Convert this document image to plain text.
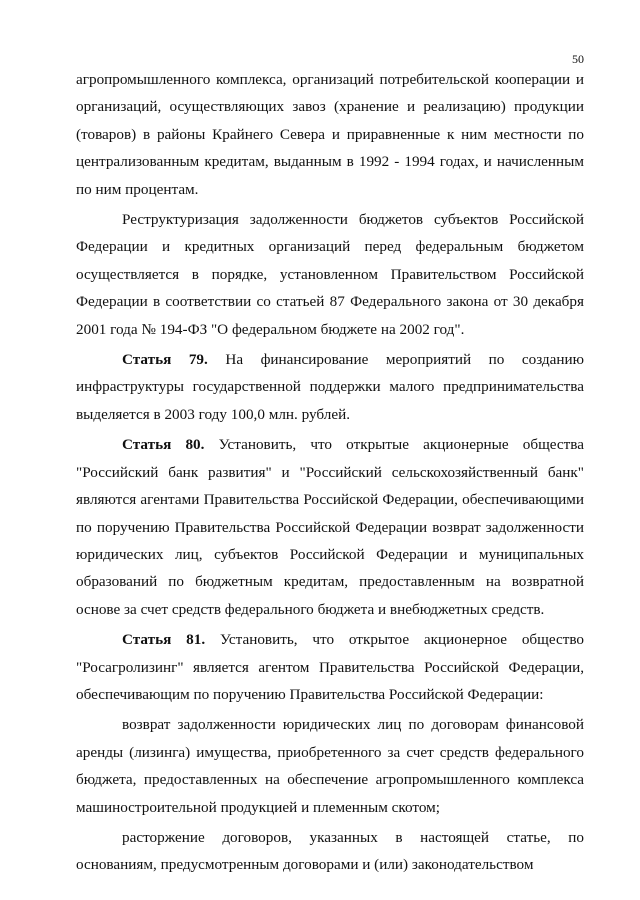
50

агропромышленного комплекса, организаций потребительской кооперации и организаций, осуществляющих завоз (хранение и реализацию) продукции (товаров) в районы Крайнего Севера и приравненные к ним местности по централизованным кредитам, выданным в 1992 - 1994 годах, и начисленным по ним процентам.

Реструктуризация задолженности бюджетов субъектов Российской Федерации и кредитных организаций перед федеральным бюджетом осуществляется в порядке, установленном Правительством Российской Федерации в соответствии со статьей 87 Федерального закона от 30 декабря 2001 года № 194-ФЗ "О федеральном бюджете на 2002 год".

Статья 79. На финансирование мероприятий по созданию инфраструктуры государственной поддержки малого предпринимательства выделяется в 2003 году 100,0 млн. рублей.

Статья 80. Установить, что открытые акционерные общества "Российский банк развития" и "Российский сельскохозяйственный банк" являются агентами Правительства Российской Федерации, обеспечивающими по поручению Правительства Российской Федерации возврат задолженности юридических лиц, субъектов Российской Федерации и муниципальных образований по бюджетным кредитам, предоставленным на возвратной основе за счет средств федерального бюджета и внебюджетных средств.

Статья 81. Установить, что открытое акционерное общество "Росагролизинг" является агентом Правительства Российской Федерации, обеспечивающим по поручению Правительства Российской Федерации:

возврат задолженности юридических лиц по договорам финансовой аренды (лизинга) имущества, приобретенного за счет средств федерального бюджета, предоставленных на обеспечение агропромышленного комплекса машиностроительной продукцией и племенным скотом;

расторжение договоров, указанных в настоящей статье, по основаниям, предусмотренным договорами и (или) законодательством
